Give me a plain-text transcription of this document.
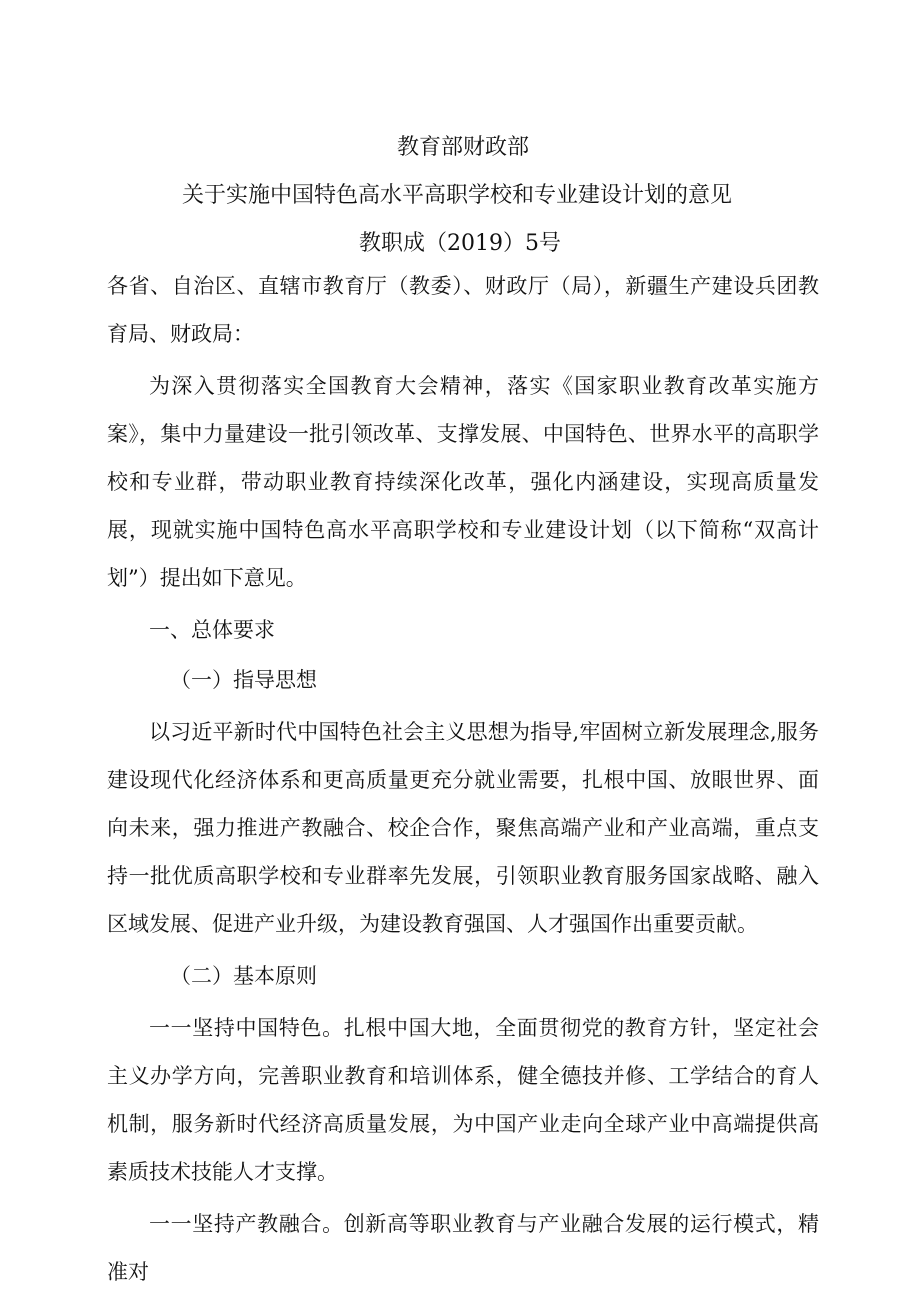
教育部财政部
关于实施中国特色高水平高职学校和专业建设计划的意见
教职成（2019）5号

各省、自治区、直辖市教育厅（教委）、财政厅（局），新疆生产建设兵团教育局、财政局：

为深入贯彻落实全国教育大会精神，落实《国家职业教育改革实施方案》，集中力量建设一批引领改革、支撑发展、中国特色、世界水平的高职学校和专业群，带动职业教育持续深化改革，强化内涵建设，实现高质量发展，现就实施中国特色高水平高职学校和专业建设计划（以下简称“双高计划”）提出如下意见。

一、总体要求

（一）指导思想

以习近平新时代中国特色社会主义思想为指导,牢固树立新发展理念,服务建设现代化经济体系和更高质量更充分就业需要，扎根中国、放眼世界、面向未来，强力推进产教融合、校企合作，聚焦高端产业和产业高端，重点支持一批优质高职学校和专业群率先发展，引领职业教育服务国家战略、融入区域发展、促进产业升级，为建设教育强国、人才强国作出重要贡献。

（二）基本原则

一一坚持中国特色。扎根中国大地，全面贯彻党的教育方针，坚定社会主义办学方向，完善职业教育和培训体系，健全德技并修、工学结合的育人机制，服务新时代经济高质量发展，为中国产业走向全球产业中高端提供高素质技术技能人才支撑。

一一坚持产教融合。创新高等职业教育与产业融合发展的运行模式，精准对
